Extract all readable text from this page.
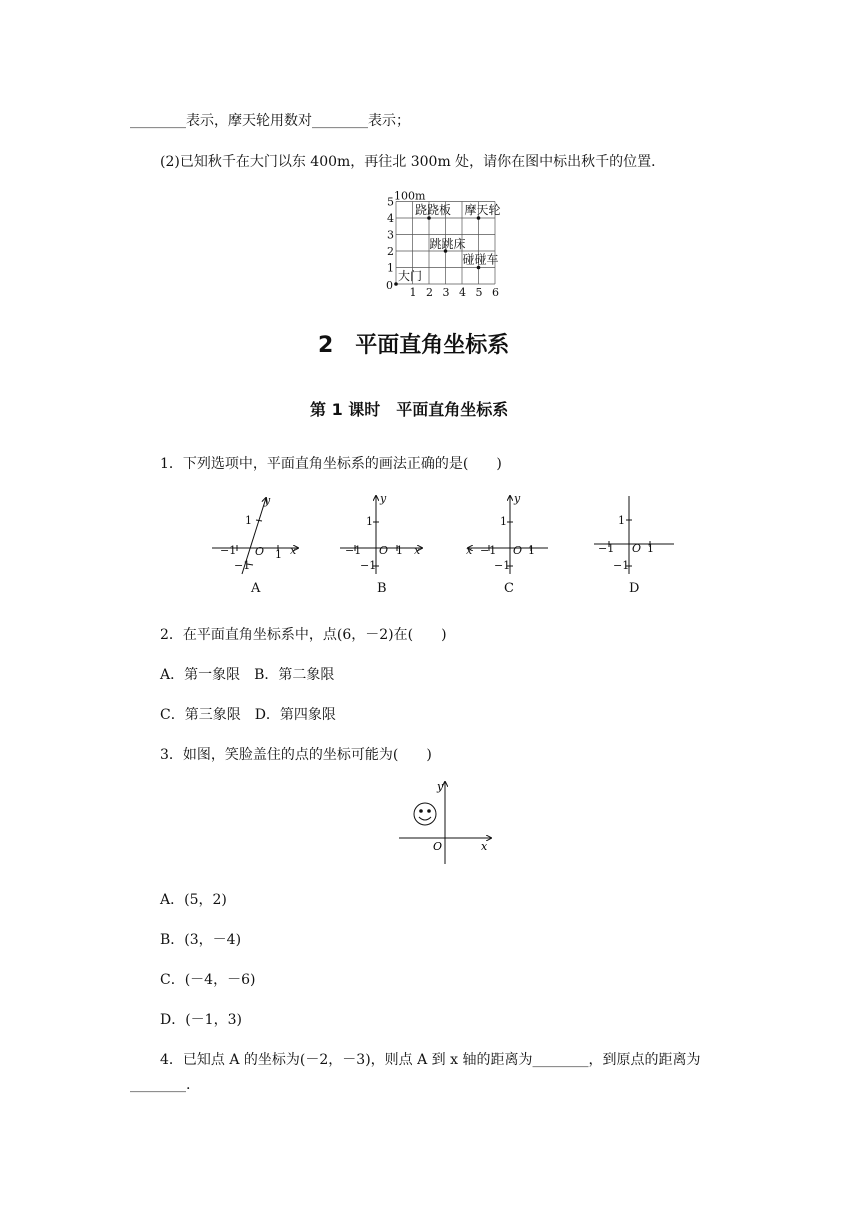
________表示，摩天轮用数对________表示；
(2)已知秋千在大门以东 400m，再往北 300m 处，请你在图中标出秋千的位置．
1 2 3 4 5 6
1
2
3
4
5
0
100m
大门
跷跷板 摩天轮
跳跳床
碰碰车
2　平面直角坐标系
第 1 课时　平面直角坐标系
1．下列选项中，平面直角坐标系的画法正确的是(　　)
−1	1
1
−1
O x
y
A
−1	1
1
−1
O x
y
B
x −1	1
1
−1
O
y
C
−1	1
1
−1
O
D
2．在平面直角坐标系中，点(6，－2)在(　　)
A．第一象限　B．第二象限
C．第三象限　D．第四象限
3．如图，笑脸盖住的点的坐标可能为(　　)
O	x
y
A．(5，2)
B．(3，－4)
C．(－4，－6)
D．(－1，3)
4．已知点 A 的坐标为(－2，－3)，则点 A 到 x 轴的距离为________，到原点的距离为
________.
